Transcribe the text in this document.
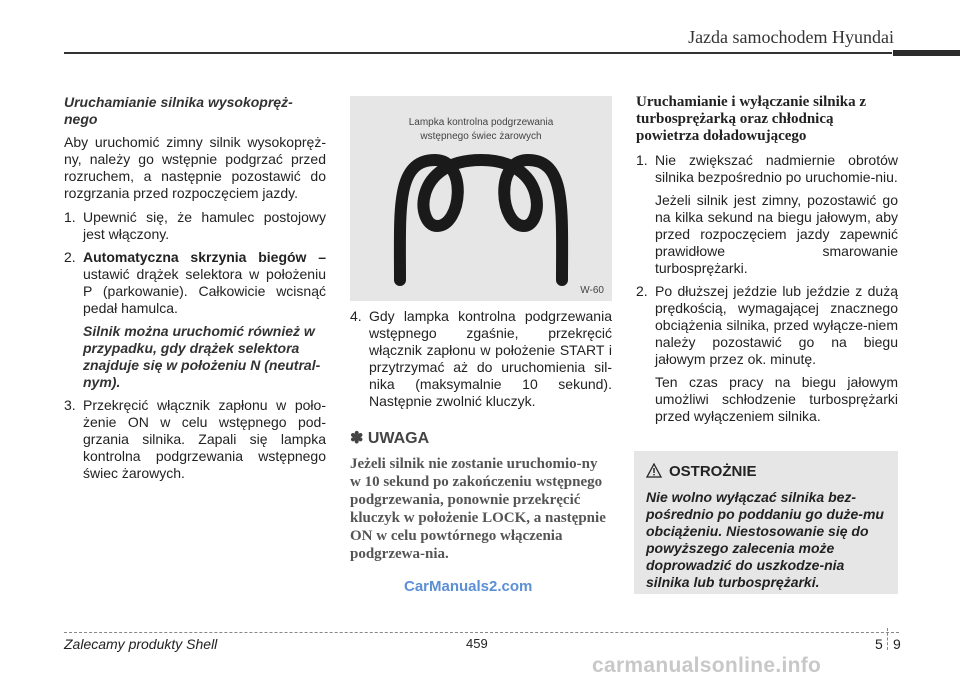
Jazda samochodem Hyundai
Uruchamianie silnika wysokopręż-
nego

Aby uruchomić zimny silnik wysokopręż-ny, należy go wstępnie podgrzać przed rozruchem, a następnie pozostawić do rozgrzania przed rozpoczęciem jazdy.

1. Upewnić się, że hamulec postojowy jest włączony.
2. Automatyczna skrzynia biegów – ustawić drążek selektora w położeniu P (parkowanie). Całkowicie wcisnąć pedał hamulca.
Silnik można uruchomić również w przypadku, gdy drążek selektora znajduje się w położeniu N (neutral-nym).
3. Przekręcić włącznik zapłonu w poło-żenie ON w celu wstępnego pod-grzania silnika. Zapali się lampka kontrolna podgrzewania wstępnego świec żarowych.
Lampka kontrolna podgrzewania
wstępnego świec żarowych
W-60
4. Gdy lampka kontrolna podgrzewania wstępnego zgaśnie, przekręcić włącznik zapłonu w położenie START i przytrzymać aż do uruchomienia sil-nika (maksymalnie 10 sekund). Następnie zwolnić kluczyk.
✽ UWAGA

Jeżeli silnik nie zostanie uruchomio-ny w 10 sekund po zakończeniu wstępnego podgrzewania, ponownie przekręcić kluczyk w położenie LOCK, a następnie ON w celu powtórnego włączenia podgrzewa-nia.

Uruchamianie i wyłączanie silnika z turbosprężarką oraz chłodnicą powietrza doładowującego
1. Nie zwiększać nadmiernie obrotów silnika bezpośrednio po uruchomie-niu.
Jeżeli silnik jest zimny, pozostawić go na kilka sekund na biegu jałowym, aby przed rozpoczęciem jazdy zapewnić prawidłowe smarowanie turbosprężarki.
2. Po dłuższej jeździe lub jeździe z dużą prędkością, wymagającej znacznego obciążenia silnika, przed wyłącze-niem należy pozostawić go na biegu jałowym przez ok. minutę.
Ten czas pracy na biegu jałowym umożliwi schłodzenie turbosprężarki przed wyłączeniem silnika.
OSTROŻNIE
Nie wolno wyłączać silnika bez-pośrednio po poddaniu go duże-mu obciążeniu. Niestosowanie się do powyższego zalecenia może doprowadzić do uszkodze-nia silnika lub turbosprężarki.
CarManuals2.com
Zalecamy produkty Shell	459	5 9
carmanualsonline.info
